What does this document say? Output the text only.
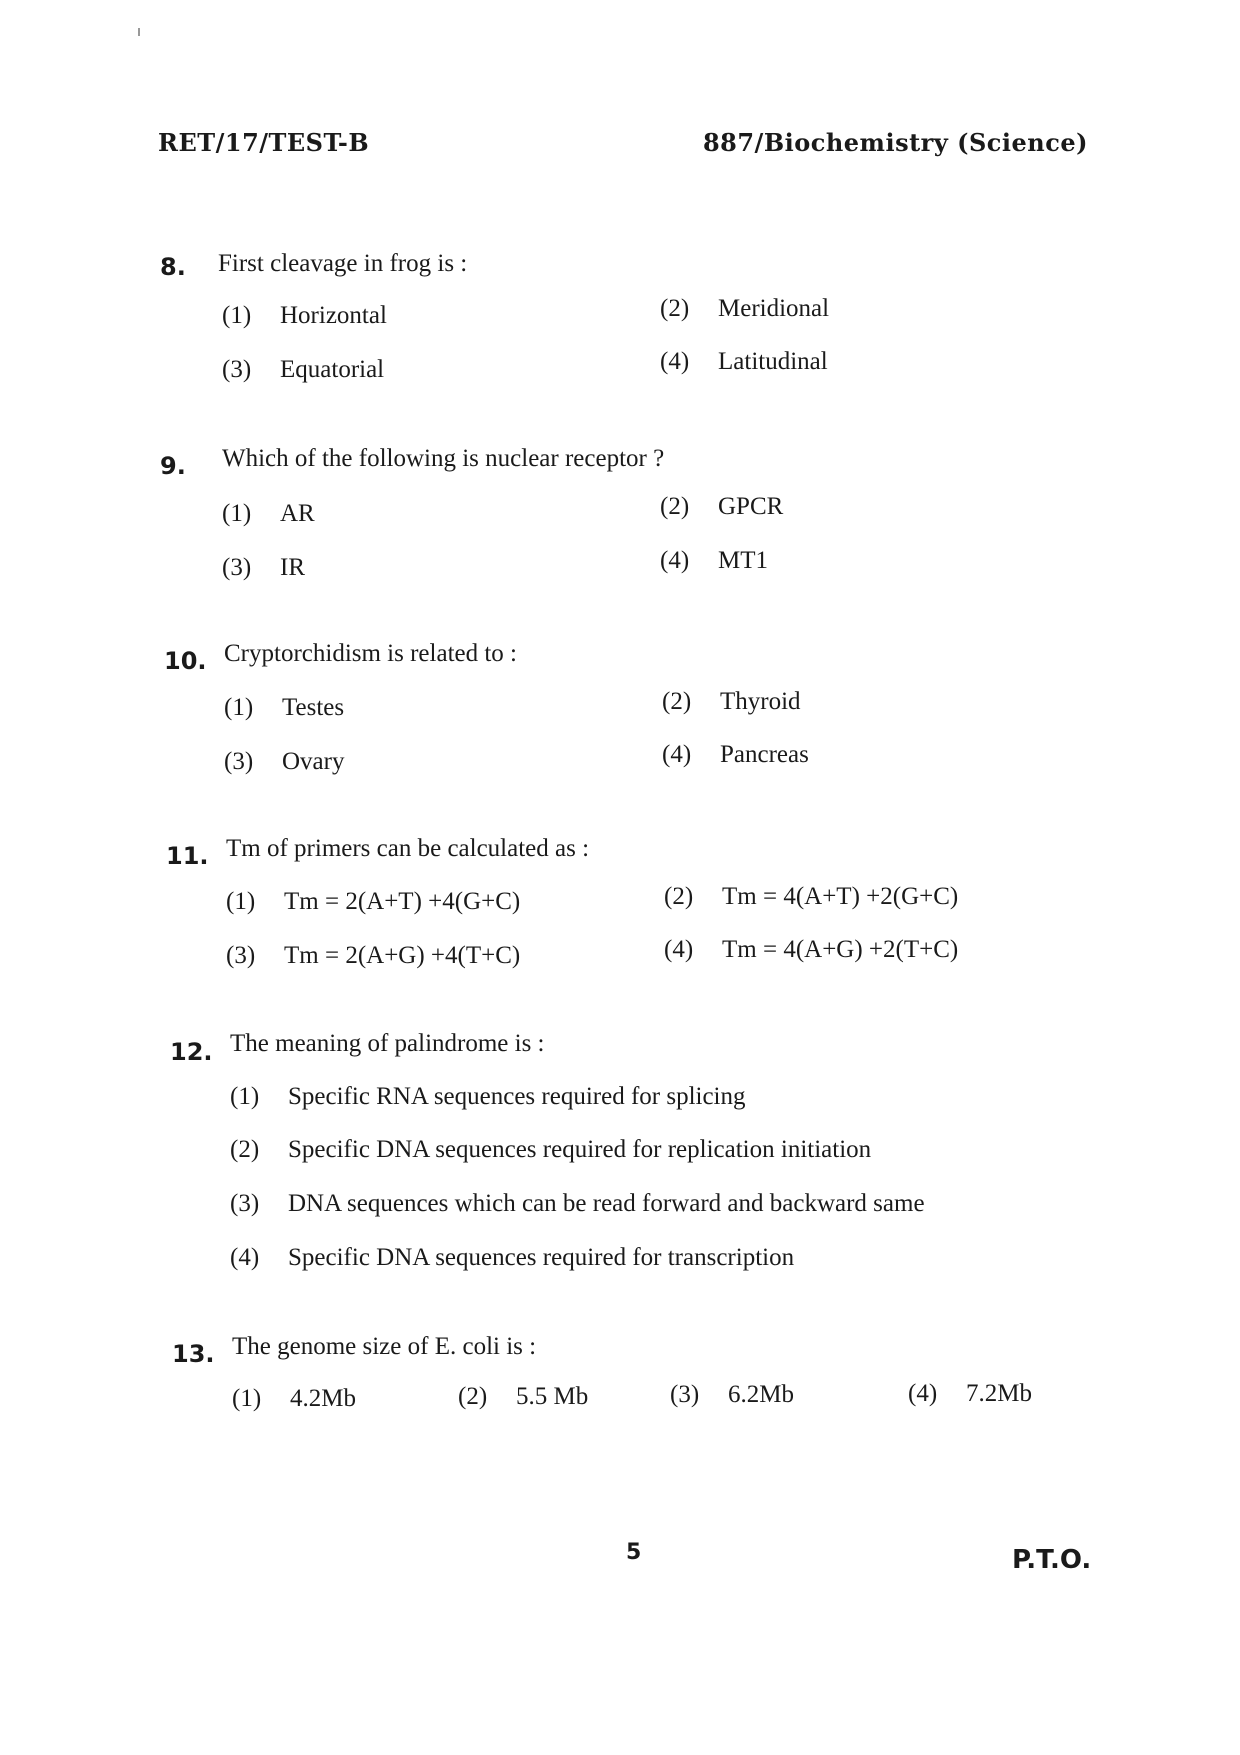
RET/17/TEST-B	887/Biochemistry (Science)
8. First cleavage in frog is :
(1) Horizontal	(2) Meridional
(3) Equatorial	(4) Latitudinal
9. Which of the following is nuclear receptor ?
(1) AR	(2) GPCR
(3) IR	(4) MT1
10. Cryptorchidism is related to :
(1) Testes	(2) Thyroid
(3) Ovary	(4) Pancreas
11. Tm of primers can be calculated as :
(1) Tm = 2(A+T) +4(G+C)	(2) Tm = 4(A+T) +2(G+C)
(3) Tm = 2(A+G) +4(T+C)	(4) Tm = 4(A+G) +2(T+C)
12. The meaning of palindrome is :
(1) Specific RNA sequences required for splicing
(2) Specific DNA sequences required for replication initiation
(3) DNA sequences which can be read forward and backward same
(4) Specific DNA sequences required for transcription
13. The genome size of E. coli is :
(1) 4.2Mb	(2) 5.5 Mb	(3) 6.2Mb	(4) 7.2Mb
5	P.T.O.
